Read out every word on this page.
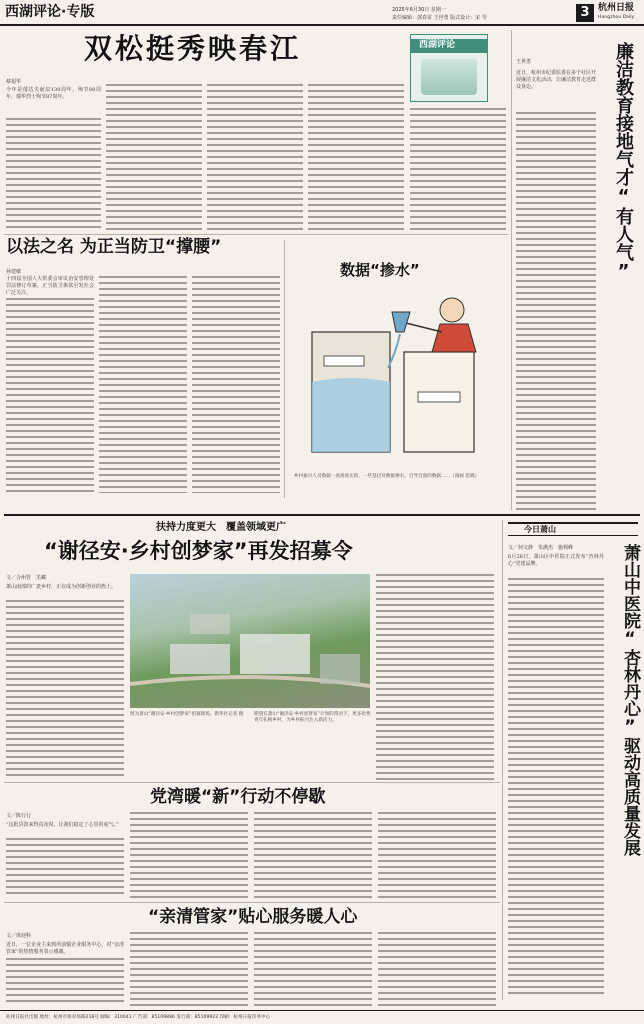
西湖评论·专版	2025年6月30日 星期一
责任编辑：郭春雷 王世勇 版式设计：宋 莹	3 杭州日报
Hangzhou Daily
双松挺秀映春江
蔡福华
今年是郁达夫诞辰130周年、殉节80周年，郁华烈士殉节87周年。
西湖评论
王世勇
近日，杭州市纪委监委在多个社区开展廉洁文化活动，让廉洁教育走近群众身边。	廉洁教育接地气才“有人气”
以法之名 为正当防卫“撑腰”
孙建敏
十四届全国人大常委会审议治安管理处罚法修订草案，正当防卫条款引发社会广泛关注。
数据“掺水”
乡村振兴人员数据一查准真实的，一些基层对数据掺水，自导自演的数据……（漫画 范晓）
扶持力度更大　覆盖领域更广
“谢径安·乡村创梦家”再发招募令
文／合州管　芜藏
萧山南部的广袤乡村，正在成为创新创业的热土。
图为萧山“谢径安·乡村创梦家”招募现场。新华社记者 摄	期望在萧山“谢径安·乡村创梦家”计划的带动下，更多优秀青年扎根乡村，为乡村振兴注入新活力。
今日萧山
文／何文静　朱满杰　施利峰
6月26日，萧山区中医院正式发布“杏林丹心”党建品牌。	萧山中医院“杏林丹心”驱动高质量发展
党湾暖“新”行动不停歇
文／陈行行
“这批货款来得真及时，让我们稳定了心里的底气。”
“亲清管家”贴心服务暖人心
文／徐迎科
近日，一位企业主来到所前镇企业服务中心，对“亲清管家”的热情服务表示感谢。
杭州日报社出版 地址：杭州市体育场路218号 邮编：310041 广告部：85109886 发行部：85109922 印刷：杭州日报印务中心
